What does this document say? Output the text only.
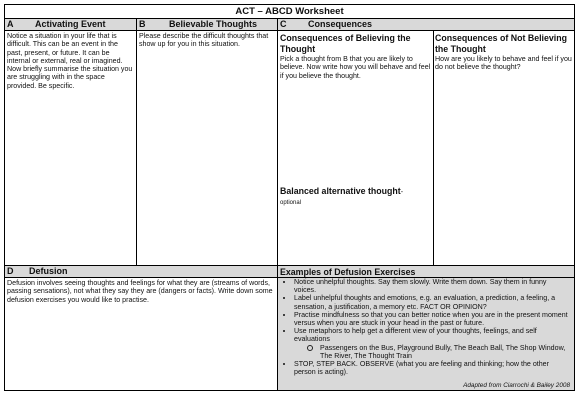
ACT – ABCD Worksheet
A Activating Event
Notice a situation in your life that is difficult. This can be an event in the past, present, or future. It can be internal or external, real or imagined. Now briefly summarise the situation you are struggling with in the space provided. Be specific.
B	Believable Thoughts
Please describe the difficult thoughts that show up for you in this situation.
C Consequences
Consequences of Believing the Thought
Pick a thought from B that you are likely to believe. Now write how you will behave and feel if you believe the thought.
Balanced alternative thought-
optional
Consequences of Not Believing the Thought
How are you likely to behave and feel if you do not believe the thought?
D Defusion
Defusion involves seeing thoughts and feelings for what they are (streams of words, passing sensations), not what they say they are (dangers or facts). Write down some defusion exercises you would like to practise.
Examples of Defusion Exercises
• Notice unhelpful thoughts. Say them slowly. Write them down. Say them in funny voices.
• Label unhelpful thoughts and emotions, e.g. an evaluation, a prediction, a feeling, a sensation, a justification, a memory etc. FACT OR OPINION?
• Practise mindfulness so that you can better notice when you are in the present moment versus when you are stuck in your head in the past or future.
• Use metaphors to help get a different view of your thoughts, feelings, and self evaluations
Passengers on the Bus, Playground Bully, The Beach Ball, The Shop Window, The River, The Thought Train
• STOP, STEP BACK. OBSERVE (what you are feeling and thinking; how the other person is acting).
Adapted from Ciarrochi & Bailey 2008
